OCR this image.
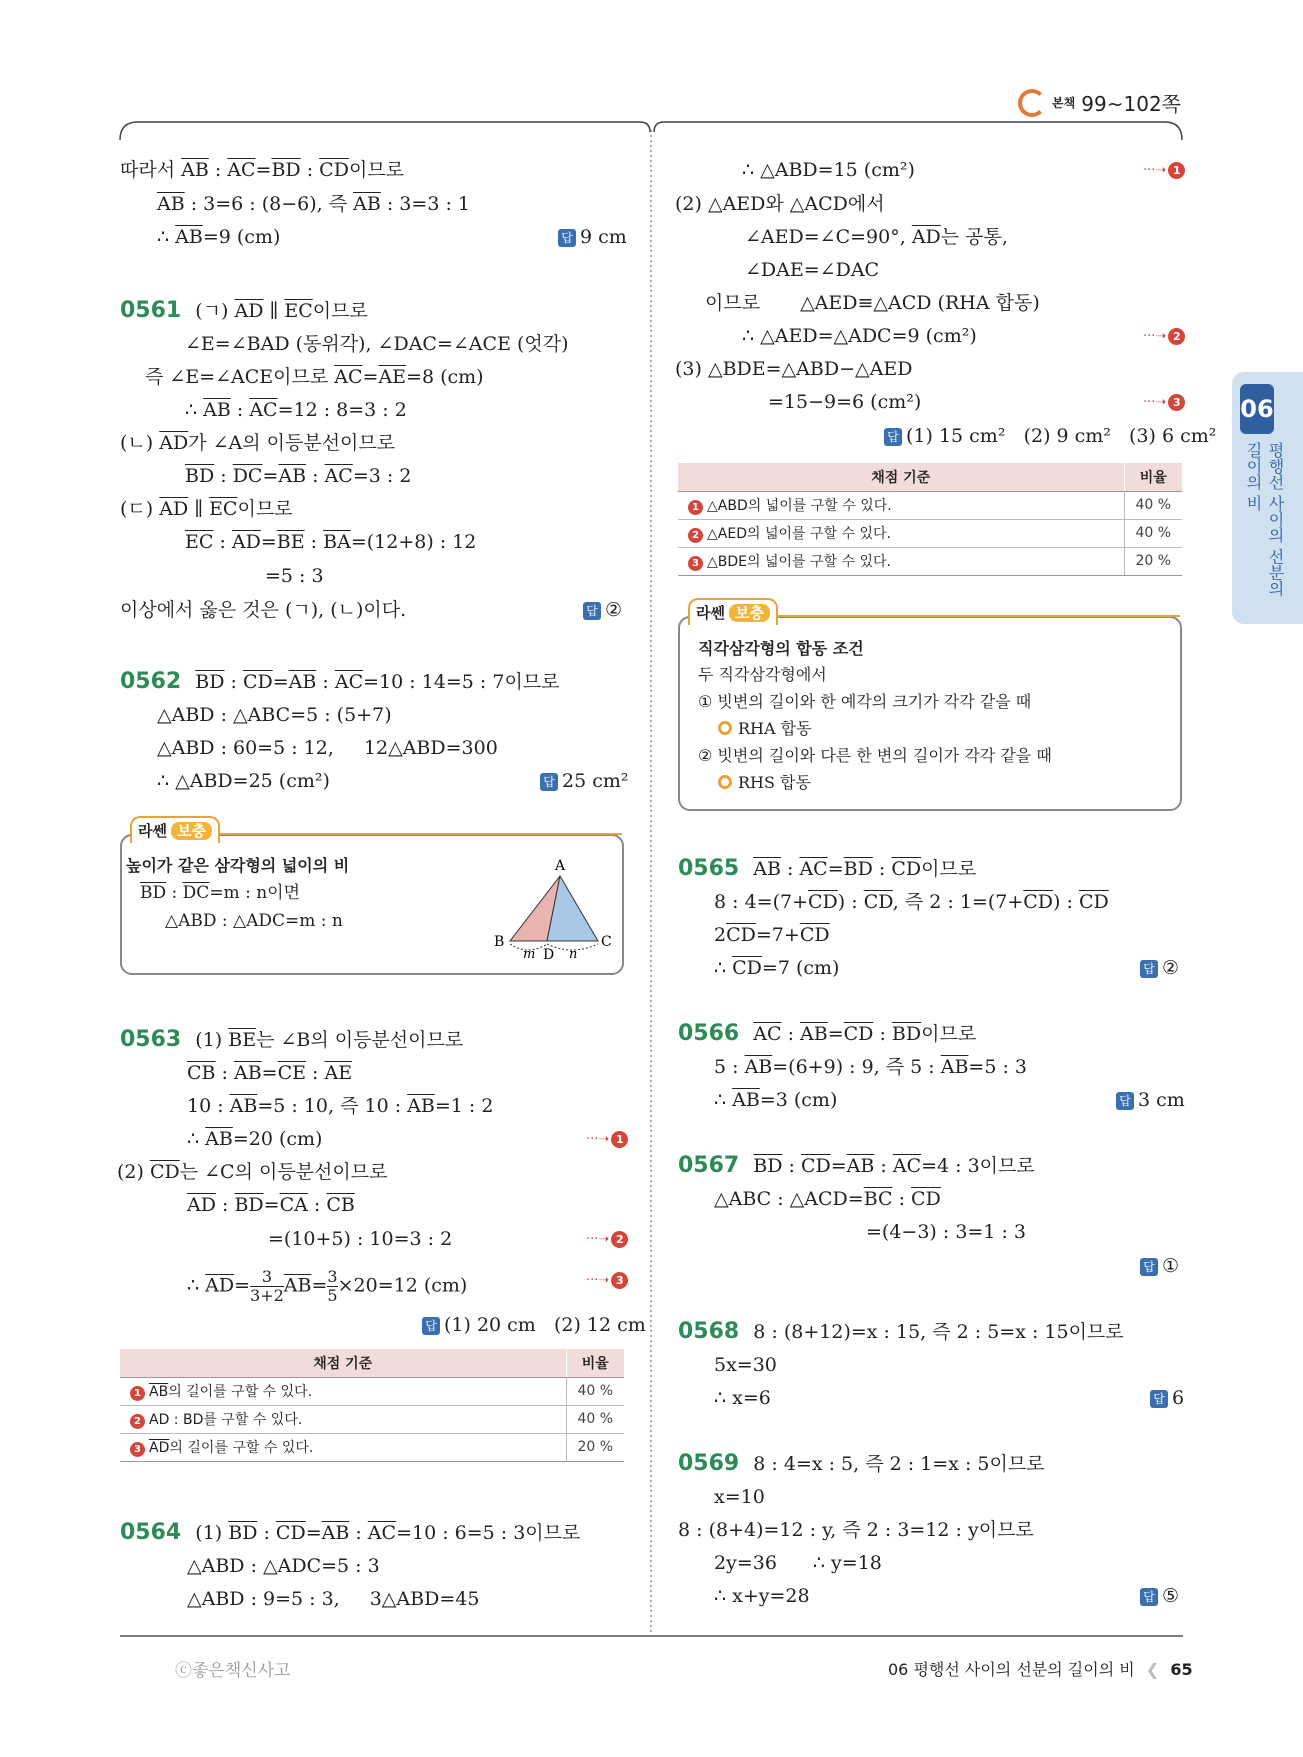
본책 99~102쪽
06
평행선 사이의 선분의
길이의 비
따라서 $\overline{AB}$ : $\overline{AC}=\overline{BD}$ : $\overline{CD}$이므로
$\overline{AB}$ : 3=6 : (8−6), 즉 $\overline{AB}$ : 3=3 : 1
∴ $\overline{AB}=9$ (cm)	답 9 cm
0561 (ㄱ) $\overline{AD}$ ∥ $\overline{EC}$이므로
∠E=∠BAD (동위각), ∠DAC=∠ACE (엇각)
즉 ∠E=∠ACE이므로 $\overline{AC}=\overline{AE}=8$ (cm)
∴ $\overline{AB}$ : $\overline{AC}=12$ : 8=3 : 2
(ㄴ) $\overline{AD}$가 ∠A의 이등분선이므로
$\overline{BD}$ : $\overline{DC}=\overline{AB}$ : $\overline{AC}=3$ : 2
(ㄷ) $\overline{AD}$ ∥ $\overline{EC}$이므로
$\overline{EC}$ : $\overline{AD}=\overline{BE}$ : $\overline{BA}=(12+8)$ : 12
=5 : 3
이상에서 옳은 것은 (ㄱ), (ㄴ)이다.	답 ②
0562 $\overline{BD}$ : $\overline{CD}=\overline{AB}$ : $\overline{AC}=10$ : 14=5 : 7이므로
△ABD : △ABC=5 : (5+7)
△ABD : 60=5 : 12, 12△ABD=300
∴ △ABD=25 (cm²)	답 25 cm²
라쎈 보충
높이가 같은 삼각형의 넓이의 비
$\overline{BD}$ : $\overline{DC}=m$ : n이면
△ABD : △ADC=m : n
A
B	C
D
m	n
0563 (1) $\overline{BE}$는 ∠B의 이등분선이므로
$\overline{CB}$ : $\overline{AB}=\overline{CE}$ : $\overline{AE}$
10 : $\overline{AB}=5$ : 10, 즉 10 : $\overline{AB}=1$ : 2
∴ $\overline{AB}=20$ (cm)	···➝ 1
(2) $\overline{CD}$는 ∠C의 이등분선이므로
$\overline{AD}$ : $\overline{BD}=\overline{CA}$ : $\overline{CB}$
=(10+5) : 10=3 : 2	···➝ 2
∴ $\overline{AD}= \frac{3}{3+2} \overline{AB}= \frac{3}{5} \times 20=12$ (cm)	···➝ 3
답 (1) 20 cm   (2) 12 cm
채점 기준	비율
1 $\overline{AB}$의 길이를 구할 수 있다.	40 %
2 AD : BD를 구할 수 있다.	40 %
3 $\overline{AD}$의 길이를 구할 수 있다.	20 %
0564 (1) $\overline{BD}$ : $\overline{CD}=\overline{AB}$ : $\overline{AC}=10$ : 6=5 : 3이므로
△ABD : △ADC=5 : 3
△ABD : 9=5 : 3, 3△ABD=45
∴ △ABD=15 (cm²)	···➝ 1
(2) △AED와 △ACD에서
∠AED=∠C=90°, $\overline{AD}$는 공통,
∠DAE=∠DAC
이므로 △AED≡△ACD (RHA 합동)
∴ △AED=△ADC=9 (cm²)	···➝ 2
(3) △BDE=△ABD−△AED
=15−9=6 (cm²)	···➝ 3
답 (1) 15 cm²   (2) 9 cm²   (3) 6 cm²
채점 기준	비율
1 △ABD의 넓이를 구할 수 있다.	40 %
2 △AED의 넓이를 구할 수 있다.	40 %
3 △BDE의 넓이를 구할 수 있다.	20 %
라쎈 보충
직각삼각형의 합동 조건
두 직각삼각형에서
① 빗변의 길이와 한 예각의 크기가 각각 같을 때
RHA 합동
② 빗변의 길이와 다른 한 변의 길이가 각각 같을 때
RHS 합동
0565 $\overline{AB}$ : $\overline{AC}=\overline{BD}$ : $\overline{CD}$이므로
8 : $4=(7+\overline{CD})$ : $\overline{CD}$, 즉 2 : $1=(7+\overline{CD})$ : $\overline{CD}$
$2\overline{CD}=7+\overline{CD}$
∴ $\overline{CD}=7$ (cm)	답 ②
0566 $\overline{AC}$ : $\overline{AB}=\overline{CD}$ : $\overline{BD}$이므로
5 : $\overline{AB}=(6+9)$ : 9, 즉 5 : $\overline{AB}=5$ : 3
∴ $\overline{AB}=3$ (cm)	답 3 cm
0567 $\overline{BD}$ : $\overline{CD}=\overline{AB}$ : $\overline{AC}=4$ : 3이므로
△ABC : $\triangle ACD=\overline{BC}$ : $\overline{CD}$
=(4−3) : 3=1 : 3
답 ①
0568 8 : (8+12)=x : 15, 즉 2 : 5=x : 15이므로
5x=30
∴ x=6	답 6
0569 8 : 4=x : 5, 즉 2 : 1=x : 5이므로
x=10
8 : (8+4)=12 : y, 즉 2 : 3=12 : y이므로
2y=36 ∴ y=18
∴ x+y=28	답 ⑤
ⓒ좋은책신사고	06 평행선 사이의 선분의 길이의 비 ❮ 65
